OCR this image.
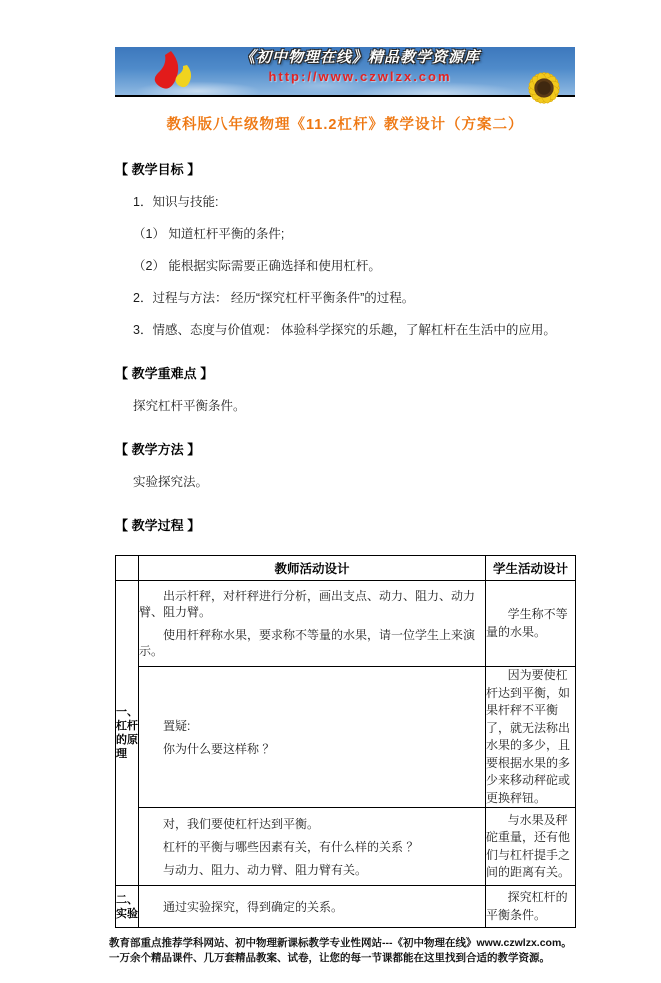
《初中物理在线》精品教学资源库
http://www.czwlzx.com
教科版八年级物理《11.2杠杆》教学设计（方案二）
【 教学目标 】

1．知识与技能:

（1） 知道杠杆平衡的条件;

（2） 能根据实际需要正确选择和使用杠杆。

2．过程与方法： 经历“探究杠杆平衡条件”的过程。

3．情感、态度与价值观： 体验科学探究的乐趣，了解杠杆在生活中的应用。

【 教学重难点 】

探究杠杆平衡条件。

【 教学方法 】

实验探究法。

【 教学过程 】
	教师活动设计	学生活动设计
一、杠杆的原理	出示杆秤，对杆秤进行分析，画出支点、动力、阻力、动力臂、阻力臂。

使用杆秤称水果，要求称不等量的水果，请一位学生上来演示。	学生称不等量的水果。

	置疑:

你为什么要这样称 ？	因为要使杠杆达到平衡，如果杆秤不平衡了，就无法称出水果的多少，且要根据水果的多少来移动秤砣或更换秤钮。

	对，我们要使杠杆达到平衡。

杠杆的平衡与哪些因素有关，有什么样的关系 ？

与动力、阻力、动力臂、阻力臂有关。	与水果及秤砣重量，还有他们与杠杆提手之间的距离有关。

二、实验	通过实验探究，得到确定的关系。	探究杠杆的平衡条件。

教育部重点推荐学科网站、初中物理新课标教学专业性网站---《初中物理在线》www.czwlzx.com。一万余个精品课件、几万套精品教案、试卷，让您的每一节课都能在这里找到合适的教学资源。
